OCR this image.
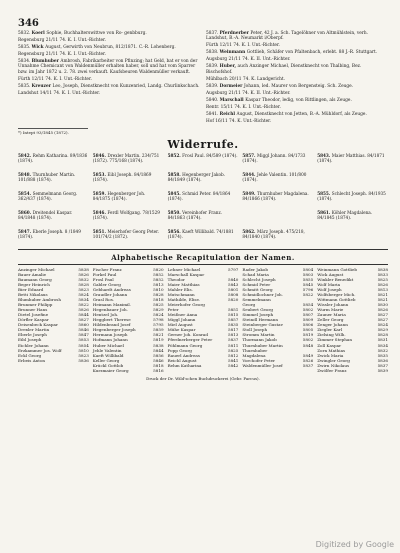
346
5832. Koerl Sophie, Buchhalterswittwe von Ro- genbburg.
Regensburg 21/11 74. K. I. Unt.-Richter.
5835. Wick August, Gerwirth von Neubrun, 812/1871. C.-R. Lohenberg.
Regensburg 21/11 74. K. I. Unt.-Richter.
5834. Blumhuber Ambrosh, Fabrikarbeiter von Pfinzing; hat Geld, bat er von der Unnahme Chemicant von Waldenmüller erhalten haber, soll und hat vom Sparrer bzw. im Jahr 1872 u. 2. 78. zwei verkauft. Kaufsbeuren Waldenmüller verkauft.
Fürth 12/11 74. K. I. Unt.-Richter.
5835. Kreuzer Leo, Joseph, Dienstknecht von Kunzenried, Landg. Churlinkschach.
Landshut 14/11 74. K. I. Unt.-Richter.
5837. Pferdnerber Peter, 42 J. a. Sch. Tagelöhner von Altmühlstein, verh. Landshut, B.-A. Neumarkt i/Oberpf.
Fürth 12/11 74. K. I. Unt.-Richter.
5838. Weinmann Gottlieb, Schäfer von Pfaltenbach, erlebt. 88 J.-R. Stuttgart.
Augsburg 21/11 74. K. II. Unt.-Richter.
5839. Huber, auch Anzinger Michael, Dienstknecht von Thalbing, Bez. Bischofshof.
Mühlbach 20/11 74. K. Landgericht.
5839. Dormeier Johann, led. Maurer von Bergensteig. Sch. Zeuge.
Augsburg 21/11 74. K. II. Unt.-Richter.
5840. Marschall Kaspar Theodor, ledig, von Rittlingen, als Zeuge.
Rentr. 15/11 74. K. I. Unt.-Richter.
5841. Reichl August, Dienstknecht von Jetten, B.-A. Mühldorf, als Zeuge.
Hof 16/11 74. K. Unt.-Richter.
*) Intept 93/1845 (1872).
Widerrufe.
5842. Rehm Katharina. 89/1836 (1874).
5846. Drexler Martin. 234/751 (1872). 775/168 (1874).
5852. Frosl Paul. 84/589 (1874). 5857. Miggl Johann. 84/1733 (1874).
5843. Maier Matthias. 84/1871 (1874).
5848. Thurnhuber Martin. 101/888 (1874).
5853. Eibl Joseph. 84/1869 (1874).
5858. Hegenberger Jakob. 84/1849 (1874).
5844. Jehle Valentin. 101/800 (1874).
5854. Semmelmann Georg. 362/437 (1874).
5859. Hegenberger Joh. 84/1875 (1874).
5845. Schmid Peter. 84/1864 (1874).
5849. Thurnhuber Magdalena. 84/1866 (1874).
5855. Schlecht Joseph. 84/1935 (1874).
5860. Dreitendel Kaspar. 84/1848 (1874).
5846. Ferdl Wolfgang. 78/1529 (1874).
5850. Vereinhofer Franz. 84/1863 (1874).
5861. Köhler Magdalena. 84/1845 (1874).
5847. Eberle Joseph. 8 /1849 (1874).
5851. Meierhofer Georg Peter. 101/74/2 (1872).
5856. Kaeft Willibald. 74/1881 (1874).
5862. März Joseph. 475/218, 84/1840 (1874).
Alphabetische Recapitulation der Namen.
Anzinger Michael	5838
Bauer Amalie	5826
Baumann Georg	5832
Beger Heinrich	5828
Bier Eduard	5823
Betti Nikolaus	5824
Blumhuber Ambrosh	5834
Brunmer Philipp	5822
Brunner Hans	5826
Dietel Josefine	5844
Dörfler Kaspar	5827
Deisenbeck Kaspar	5860
Drexler Martin	5846
Eberle Joseph	5847
Eibl Joseph	5853
Eichler Johann	5854
Erzkammer Jos. Wolf	5810
Eckl Georg	5823
Erbeis Anton	5836
Fischer Franz	5820
Forkel Paul	5852
Frosl Paul	5852
Gabler Georg	5813
Gebhardt Andreas	5810
Graudler Johann	5828
Grasl Ros.	5818
Heimann Maximil.	5825
Hegenbauer Joh.	5829
Hentzel Joh.	5824
Heggbert Therese	5798
Hildenbrand Josef	5795
Hegenberger Joseph	5859
Hermann Joseph	5821
Hofmann Johann	5819
Huber Michael	5838
Jehle Valentin	5844
Kaeft Willibald	5856
Keller Georg	5846
Krückl Gottlob	5818
Kurzmaier Georg	5816
Lehner Michael	5797
Marschall Kaspar
Theodor	5840
Maier Matthias	5843
Mahler Elis.	5801
Mutschmann	5808
Mathilde, Elise.	5820
Meierhofer Georg
Peter	5851
Meißner Anna	5815
Miggl Johann	5857
Miel August	5835
Mühe Kaspar	5817
Gerner Joh. Konrad	5813
Pferdnerberger Peter	5837
Pöhlmann Georg	5811
Popp Georg	5825
Rauerl Andreas	5812
Reichl August	5841
Rehm Katharina	5842
Rader Jakob	5804
Schad Maria	5803
Schlecht Joseph	5855
Schmid Peter	5845
Schmitt Georg	5796
Schmidlochner Joh.	5822
Semmelmann
Georg	5854
Seubert Georg	5802
Simmel Joseph	5807
Steindl Hermann	5809
Steinberger Gustav	5806
Stoll Joseph	5805
Stromm Martin	5819
Thormann Jakob	5802
Thurnhuber Martin	5848
Thurnhuber
Magdalena	5849
Vorchofer Peter	5826
Waldenmüller Josef	5837
Weinmann Gottlieb	5838
Wick August	5833
Winkler Benedikt	5825
Wolf Maria	5826
Wolf Joseph	5813
Wolfsberger Mich.	5821
Wittmann Gottlieb	5821
Wissler Johann	5830
Wurm Marie	5826
Zauner Maria	5827
Zeller Georg	5827
Zenger Johann	5824
Ziegler Karl	5829
Zielsing Wilh.	5828
Zimmer Stephan	5831
Zoll Kaspar	5834
Zorn Mathias	5832
Zwick Maria	5835
Zwingler Georg	5836
Zwirn Nikolaus	5837
Zwölfer Franz	5839
Druck der Dr. Wild'schen Buchdruckerei (Gebr. Parcus).
Digitized by Google
